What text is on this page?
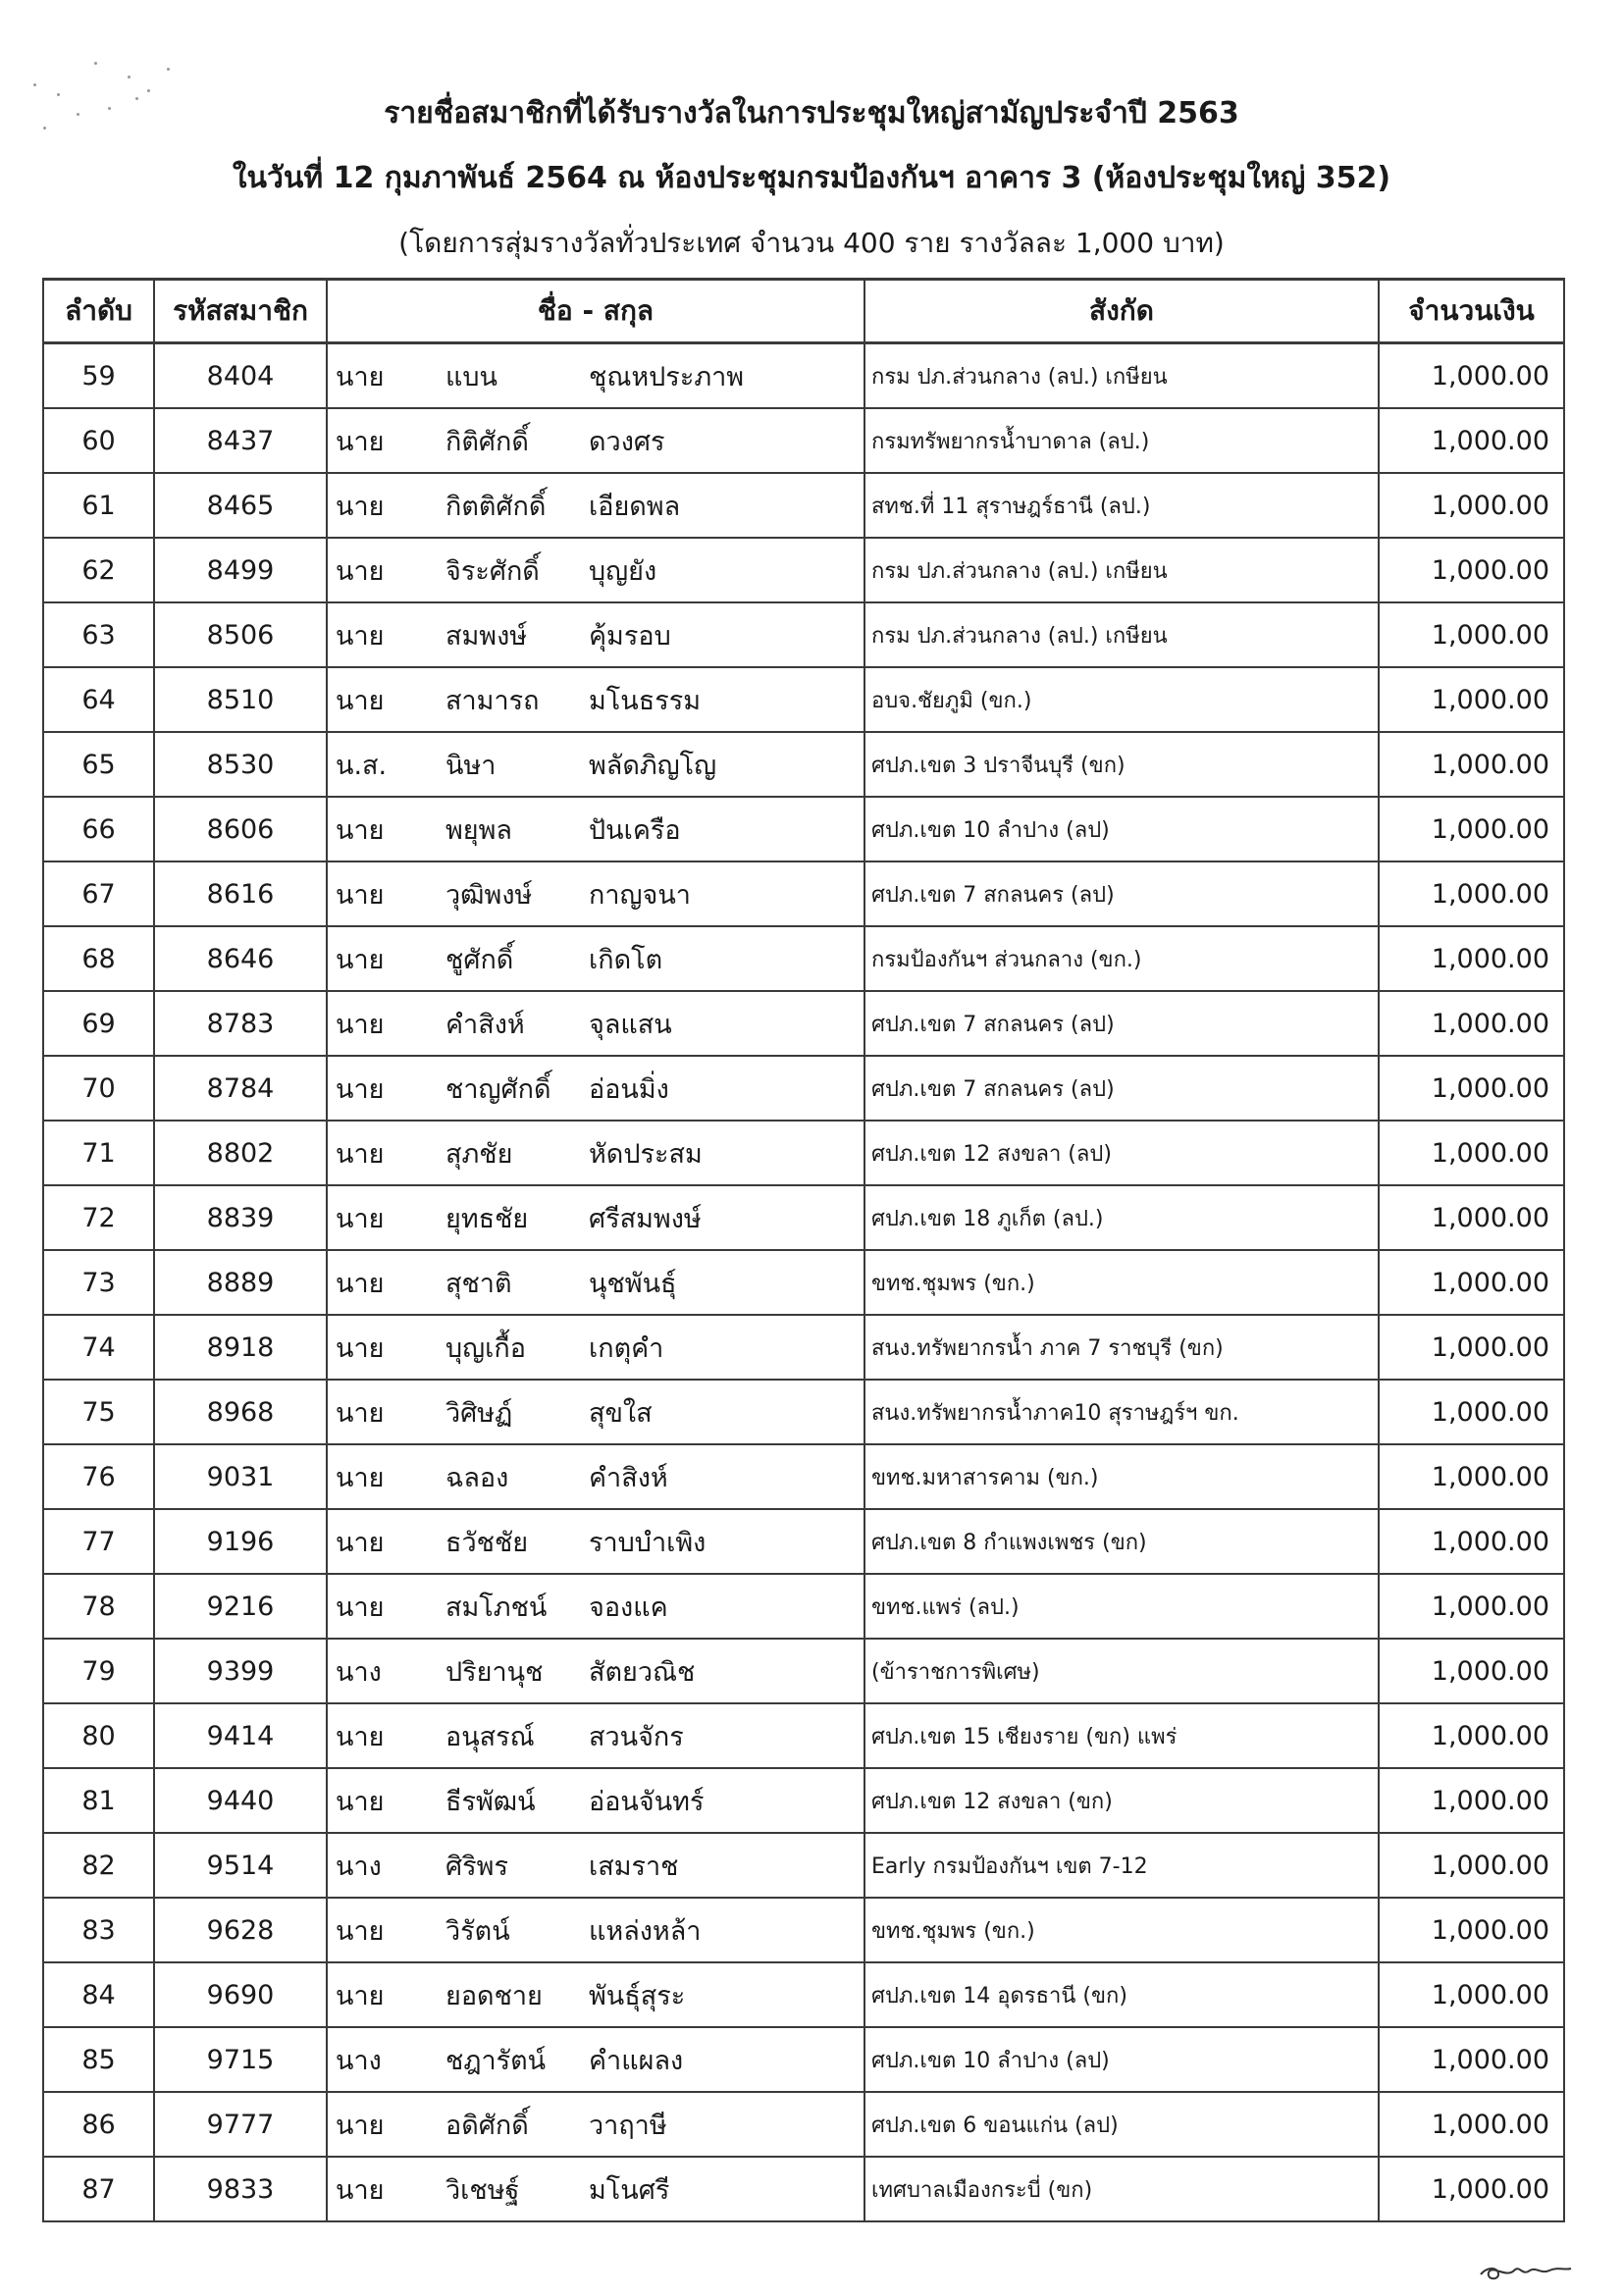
รายชื่อสมาชิกที่ได้รับรางวัลในการประชุมใหญ่สามัญประจำปี 2563
ในวันที่ 12 กุมภาพันธ์ 2564 ณ ห้องประชุมกรมป้องกันฯ อาคาร 3 (ห้องประชุมใหญ่ 352)
(โดยการสุ่มรางวัลทั่วประเทศ จำนวน 400 ราย รางวัลละ 1,000 บาท)
ลำดับ	รหัสสมาชิก	ชื่อ - สกุล	สังกัด	จำนวนเงิน
59	8404	นาย แบน ชุณหประภาพ	กรม ปภ.ส่วนกลาง (ลป.) เกษียน	1,000.00
60	8437	นาย กิติศักดิ์ ดวงศร	กรมทรัพยากรน้ำบาดาล (ลป.)	1,000.00
61	8465	นาย กิตติศักดิ์ เอียดพล	สทช.ที่ 11 สุราษฎร์ธานี (ลป.)	1,000.00
62	8499	นาย จิระศักดิ์ บุญยัง	กรม ปภ.ส่วนกลาง (ลป.) เกษียน	1,000.00
63	8506	นาย สมพงษ์ คุ้มรอบ	กรม ปภ.ส่วนกลาง (ลป.) เกษียน	1,000.00
64	8510	นาย สามารถ มโนธรรม	อบจ.ชัยภูมิ (ขก.)	1,000.00
65	8530	น.ส. นิษา พลัดภิญโญ	ศปภ.เขต 3 ปราจีนบุรี (ขก)	1,000.00
66	8606	นาย พยุพล ปันเครือ	ศปภ.เขต 10 ลำปาง (ลป)	1,000.00
67	8616	นาย วุฒิพงษ์ กาญจนา	ศปภ.เขต 7 สกลนคร (ลป)	1,000.00
68	8646	นาย ชูศักดิ์ เกิดโต	กรมป้องกันฯ ส่วนกลาง (ขก.)	1,000.00
69	8783	นาย คำสิงห์ จุลแสน	ศปภ.เขต 7 สกลนคร (ลป)	1,000.00
70	8784	นาย ชาญศักดิ์ อ่อนมิ่ง	ศปภ.เขต 7 สกลนคร (ลป)	1,000.00
71	8802	นาย สุภชัย หัดประสม	ศปภ.เขต 12 สงขลา (ลป)	1,000.00
72	8839	นาย ยุทธชัย ศรีสมพงษ์	ศปภ.เขต 18 ภูเก็ต (ลป.)	1,000.00
73	8889	นาย สุชาติ นุชพันธุ์	ขทช.ชุมพร (ขก.)	1,000.00
74	8918	นาย บุญเกื้อ เกตุคำ	สนง.ทรัพยากรน้ำ ภาค 7 ราชบุรี (ขก)	1,000.00
75	8968	นาย วิศิษฏ์ สุขใส	สนง.ทรัพยากรน้ำภาค10 สุราษฎร์ฯ ขก.	1,000.00
76	9031	นาย ฉลอง คำสิงห์	ขทช.มหาสารคาม (ขก.)	1,000.00
77	9196	นาย ธวัชชัย ราบบำเพิง	ศปภ.เขต 8 กำแพงเพชร (ขก)	1,000.00
78	9216	นาย สมโภชน์ จองแค	ขทช.แพร่ (ลป.)	1,000.00
79	9399	นาง ปริยานุช สัตยวณิช	(ข้าราชการพิเศษ)	1,000.00
80	9414	นาย อนุสรณ์ สวนจักร	ศปภ.เขต 15 เชียงราย (ขก) แพร่	1,000.00
81	9440	นาย ธีรพัฒน์ อ่อนจันทร์	ศปภ.เขต 12 สงขลา (ขก)	1,000.00
82	9514	นาง ศิริพร เสมราช	Early กรมป้องกันฯ เขต 7-12	1,000.00
83	9628	นาย วิรัตน์ แหล่งหล้า	ขทช.ชุมพร (ขก.)	1,000.00
84	9690	นาย ยอดชาย พันธุ์สุระ	ศปภ.เขต 14 อุดรธานี (ขก)	1,000.00
85	9715	นาง ชฎารัตน์ คำแผลง	ศปภ.เขต 10 ลำปาง (ลป)	1,000.00
86	9777	นาย อดิศักดิ์ วาฤาษี	ศปภ.เขต 6 ขอนแก่น (ลป)	1,000.00
87	9833	นาย วิเชษฐ์ มโนศรี	เทศบาลเมืองกระบี่ (ขก)	1,000.00
